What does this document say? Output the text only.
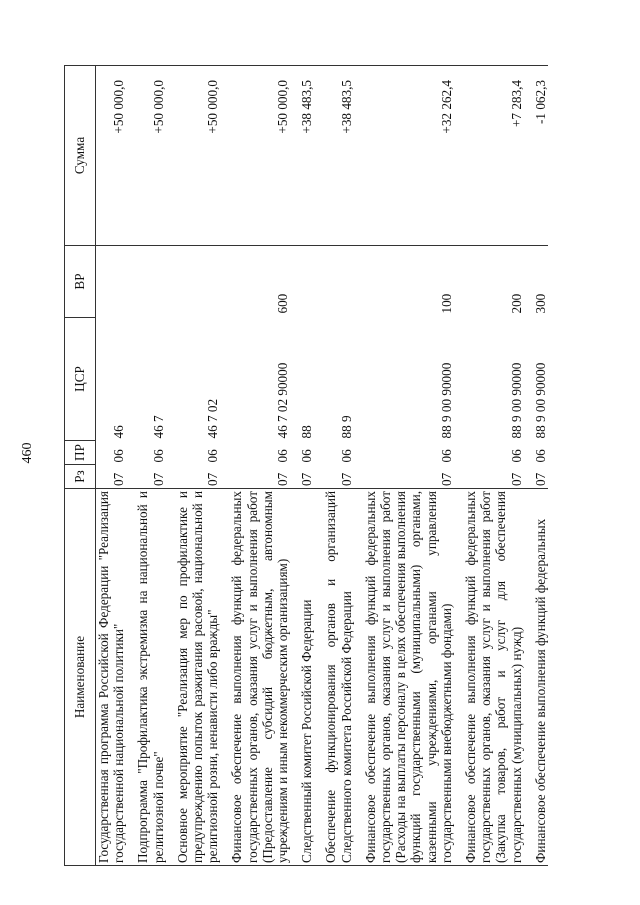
460
Наименование	Рз	ПР	ЦСР	ВР	Сумма
Государственная программа Российской Федерации "Реализация государственной национальной политики"	07	06	46		+50 000,0

Подпрограмма "Профилактика экстремизма на национальной и религиозной почве"	07	06	46 7		+50 000,0

Основное мероприятие "Реализация мер по профилактике и предупреждению попыток разжигания расовой, национальной и религиозной розни, ненависти либо вражды"	07	06	46 7 02		+50 000,0

Финансовое обеспечение выполнения функций федеральных государственных органов, оказания услуг и выполнения работ (Предоставление субсидий бюджетным, автономным учреждениям и иным некоммерческим организациям)	07	06	46 7 02 90000	600	+50 000,0

Следственный комитет Российской Федерации	07	06	88		+38 483,5

Обеспечение функционирования органов и организаций Следственного комитета Российской Федерации	07	06	88 9		+38 483,5

Финансовое обеспечение выполнения функций федеральных государственных органов, оказания услуг и выполнения работ (Расходы на выплаты персоналу в целях обеспечения выполнения функций государственными (муниципальными) органами, казенными учреждениями, органами управления государственными внебюджетными фондами)	07	06	88 9 00 90000	100	+32 262,4

Финансовое обеспечение выполнения функций федеральных государственных органов, оказания услуг и выполнения работ (Закупка товаров, работ и услуг для обеспечения государственных (муниципальных) нужд)	07	06	88 9 00 90000	200	+7 283,4

Финансовое обеспечение выполнения функций федеральных	07	06	88 9 00 90000	300	-1 062,3
